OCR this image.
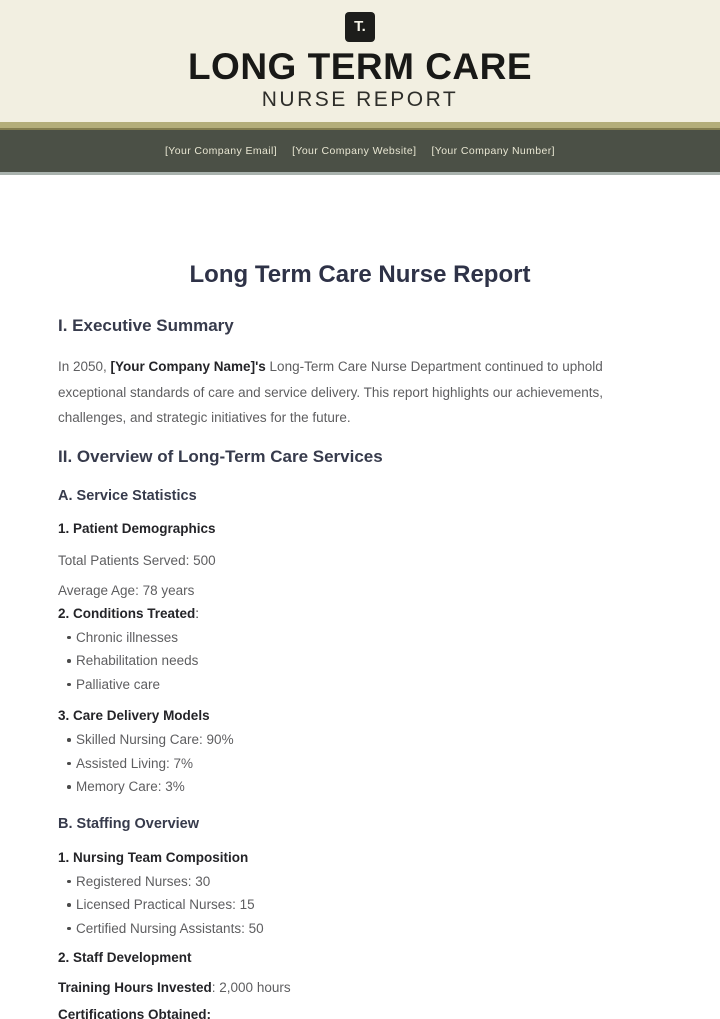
T.
LONG TERM CARE
NURSE REPORT
[Your Company Email] [Your Company Website] [Your Company Number]
Long Term Care Nurse Report
I. Executive Summary

In 2050, [Your Company Name]'s Long-Term Care Nurse Department continued to uphold exceptional standards of care and service delivery. This report highlights our achievements, challenges, and strategic initiatives for the future.

II. Overview of Long-Term Care Services
A. Service Statistics
1. Patient Demographics

Total Patients Served: 500

Average Age: 78 years

2. Conditions Treated:
Chronic illnesses
Rehabilitation needs
Palliative care
3. Care Delivery Models
Skilled Nursing Care: 90%
Assisted Living: 7%
Memory Care: 3%
B. Staffing Overview
1. Nursing Team Composition
Registered Nurses: 30
Licensed Practical Nurses: 15
Certified Nursing Assistants: 50
2. Staff Development

Training Hours Invested: 2,000 hours

Certifications Obtained:
